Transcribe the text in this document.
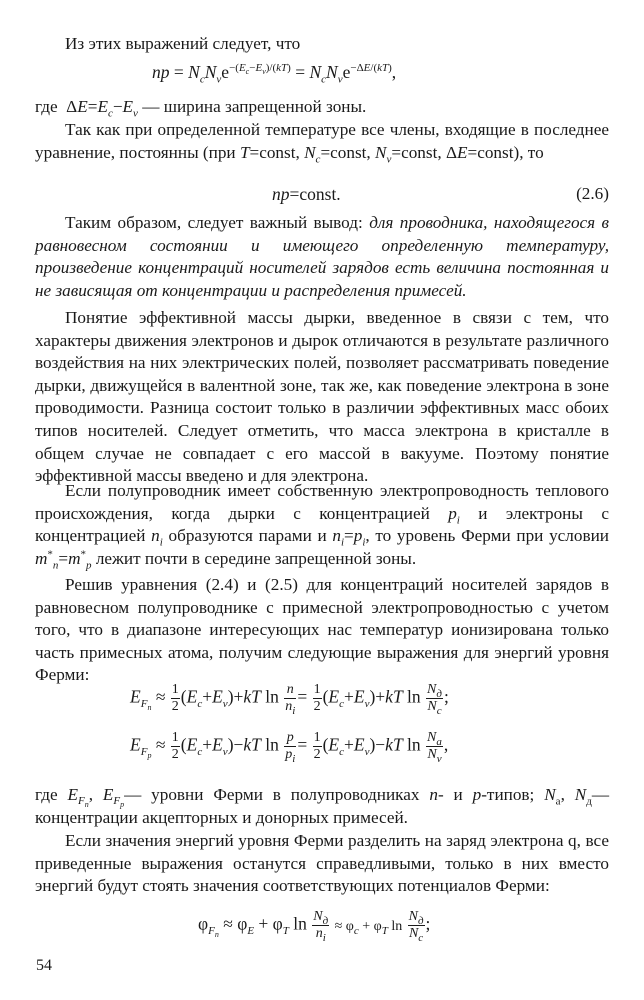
Из этих выражений следует, что

np = $N_cN_ve^{-(E_c-E_v)/(kT)} = N_cN_ve^{-\Delta E/(kT)}$,

где  $\Delta E=E_c-E_v$ — ширина запрещенной зоны.

Так как при определенной температуре все члены, входящие в последнее уравнение, постоянны (при T=const, $N_c=const$, $N_v=const$, ΔE=const), то

np=const.	(2.6)

Таким образом, следует важный вывод: для проводника, находящегося в равновесном состоянии и имеющего определенную температуру, произведение концентраций носителей зарядов есть величина постоянная и не зависящая от концентрации и распределения примесей.

Понятие эффективной массы дырки, введенное в связи с тем, что характеры движения электронов и дырок отличаются в результате различного воздействия на них электрических полей, позволяет рассматривать поведение дырки, движущейся в валентной зоне, так же, как поведение электрона в зоне проводимости. Разница состоит только в различии эффективных масс обоих типов носителей. Следует отметить, что масса электрона в кристалле в общем случае не совпадает с его массой в вакууме. Поэтому понятие эффективной массы введено и для электрона.

Если полупроводник имеет собственную электропроводность теплового происхождения, когда дырки с концентрацией $p_i$ и электроны с концентрацией $n_i$ образуются парами и $n_i=p_i$, то уровень Ферми при условии $m^*_n=m^*_p$ лежит почти в середине запрещенной зоны.

Решив уравнения (2.4) и (2.5) для концентраций носителей зарядов в равновесном полупроводнике с примесной электропроводностью с учетом того, что в диапазоне интересующих нас температур ионизирована только часть примесных атома, получим следующие выражения для энергий уровня Ферми:

$E_{F_n} \approx \frac{1}{2} (E_c+E_v)+kT$ $\ln \frac{n}{n_i} = \frac{1}{2} (E_c+E_v)+kT$ $\ln \frac{N_д}{N_c}$ ;
$E_{F_p} \approx \frac{1}{2} (E_c+E_v)-kT$ $\ln \frac{p}{p_i} = \frac{1}{2} (E_c+E_v)-kT$ $\ln \frac{N_a}{N_v}$ ,

где $E_{F_n}$, $E_{F_p}—$ уровни Ферми в полупроводниках n- и p-типов; $N_a$, $N_д—$ концентрации акцепторных и донорных примесей.

Если значения энергий уровня Ферми разделить на заряд электрона q, все приведенные выражения останутся справедливыми, только в них вместо энергий будут стоять значения соответствующих потенциалов Ферми:

$\varphi_{F_n} \approx \varphi_E + \varphi_T$ $\ln \frac{N_д}{n_i} \approx \varphi_c + \varphi_T$ $\ln \frac{N_д}{N_c}$ ;
54
